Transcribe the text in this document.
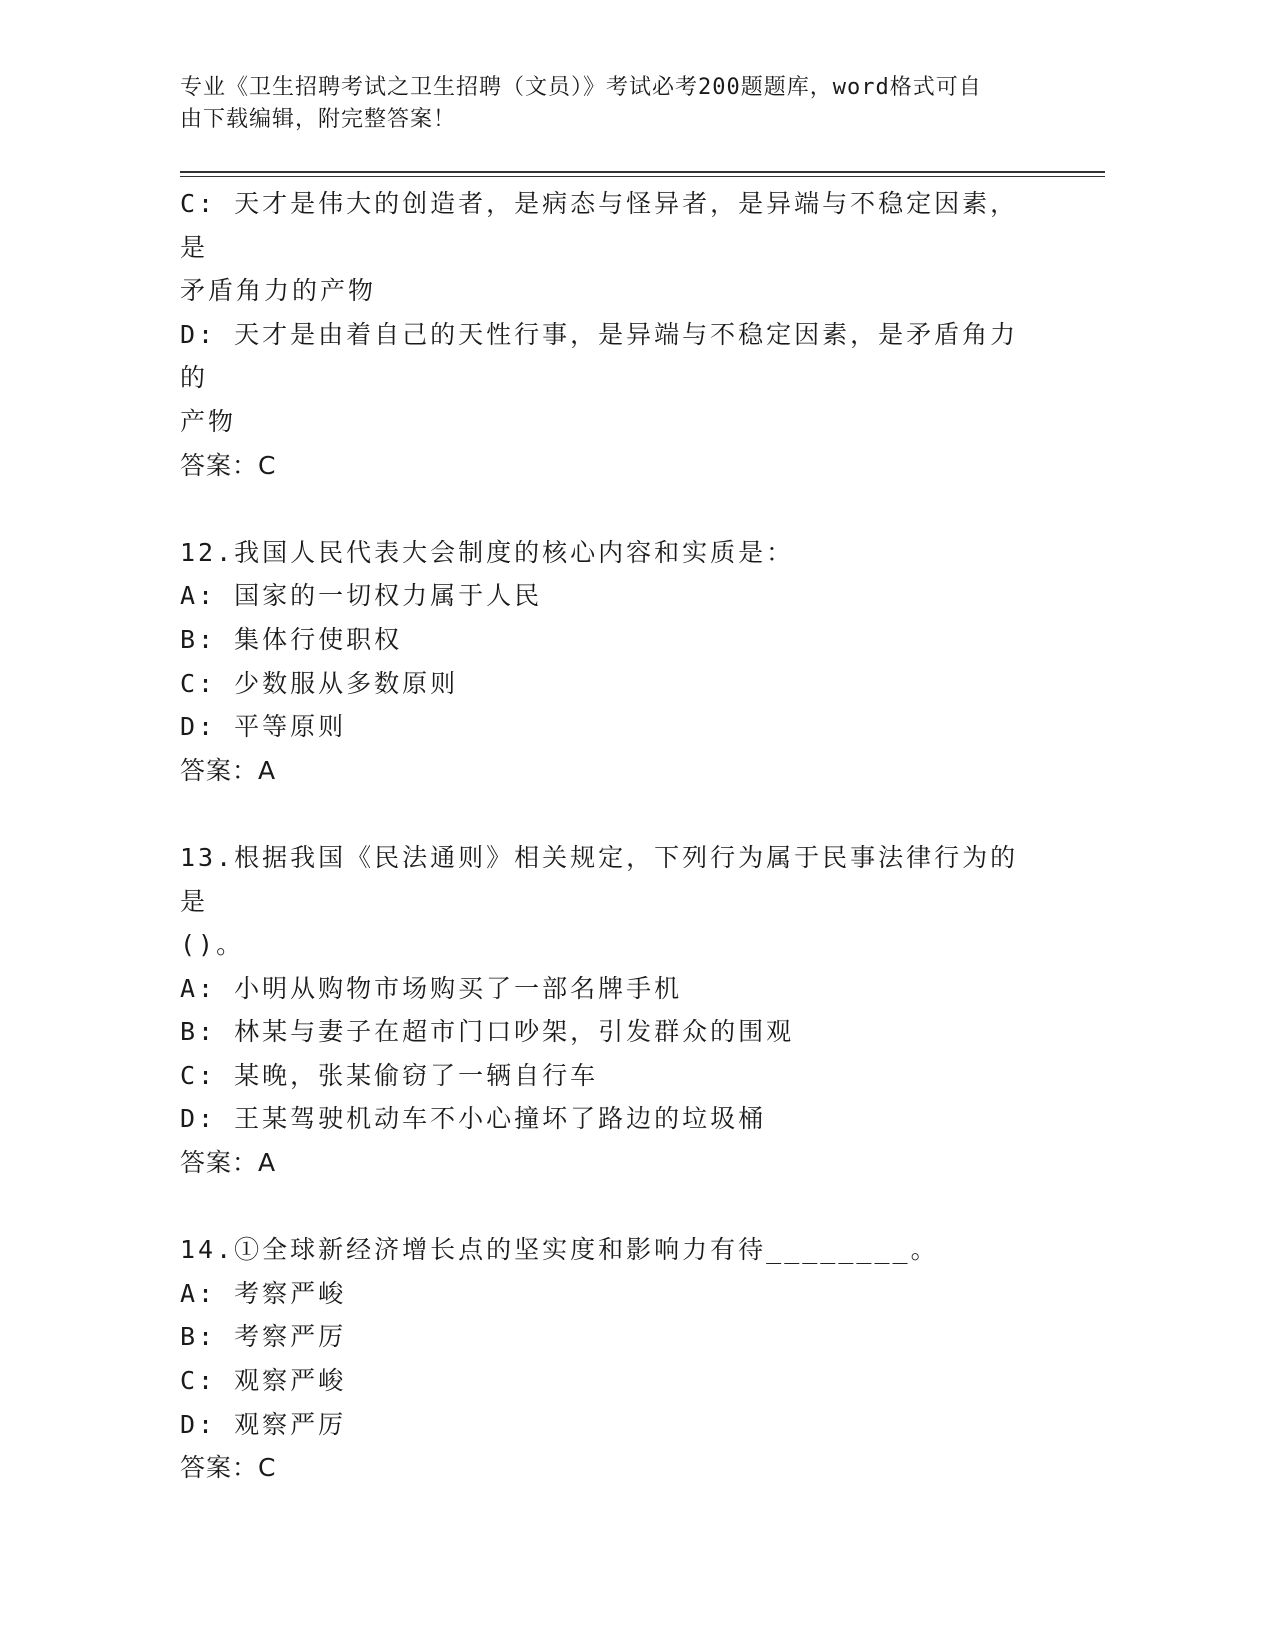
专业《卫生招聘考试之卫生招聘（文员）》考试必考200题题库，word格式可自
由下载编辑，附完整答案！
C: 天才是伟大的创造者，是病态与怪异者，是异端与不稳定因素，是
矛盾角力的产物
D: 天才是由着自己的天性行事，是异端与不稳定因素，是矛盾角力的
产物
答案：C
12.我国人民代表大会制度的核心内容和实质是：
A: 国家的一切权力属于人民
B: 集体行使职权
C: 少数服从多数原则
D: 平等原则
答案：A
13.根据我国《民法通则》相关规定，下列行为属于民事法律行为的是
()。
A: 小明从购物市场购买了一部名牌手机
B: 林某与妻子在超市门口吵架，引发群众的围观
C: 某晚，张某偷窃了一辆自行车
D: 王某驾驶机动车不小心撞坏了路边的垃圾桶
答案：A
14.①全球新经济增长点的坚实度和影响力有待________。
A: 考察严峻
B: 考察严厉
C: 观察严峻
D: 观察严厉
答案：C
